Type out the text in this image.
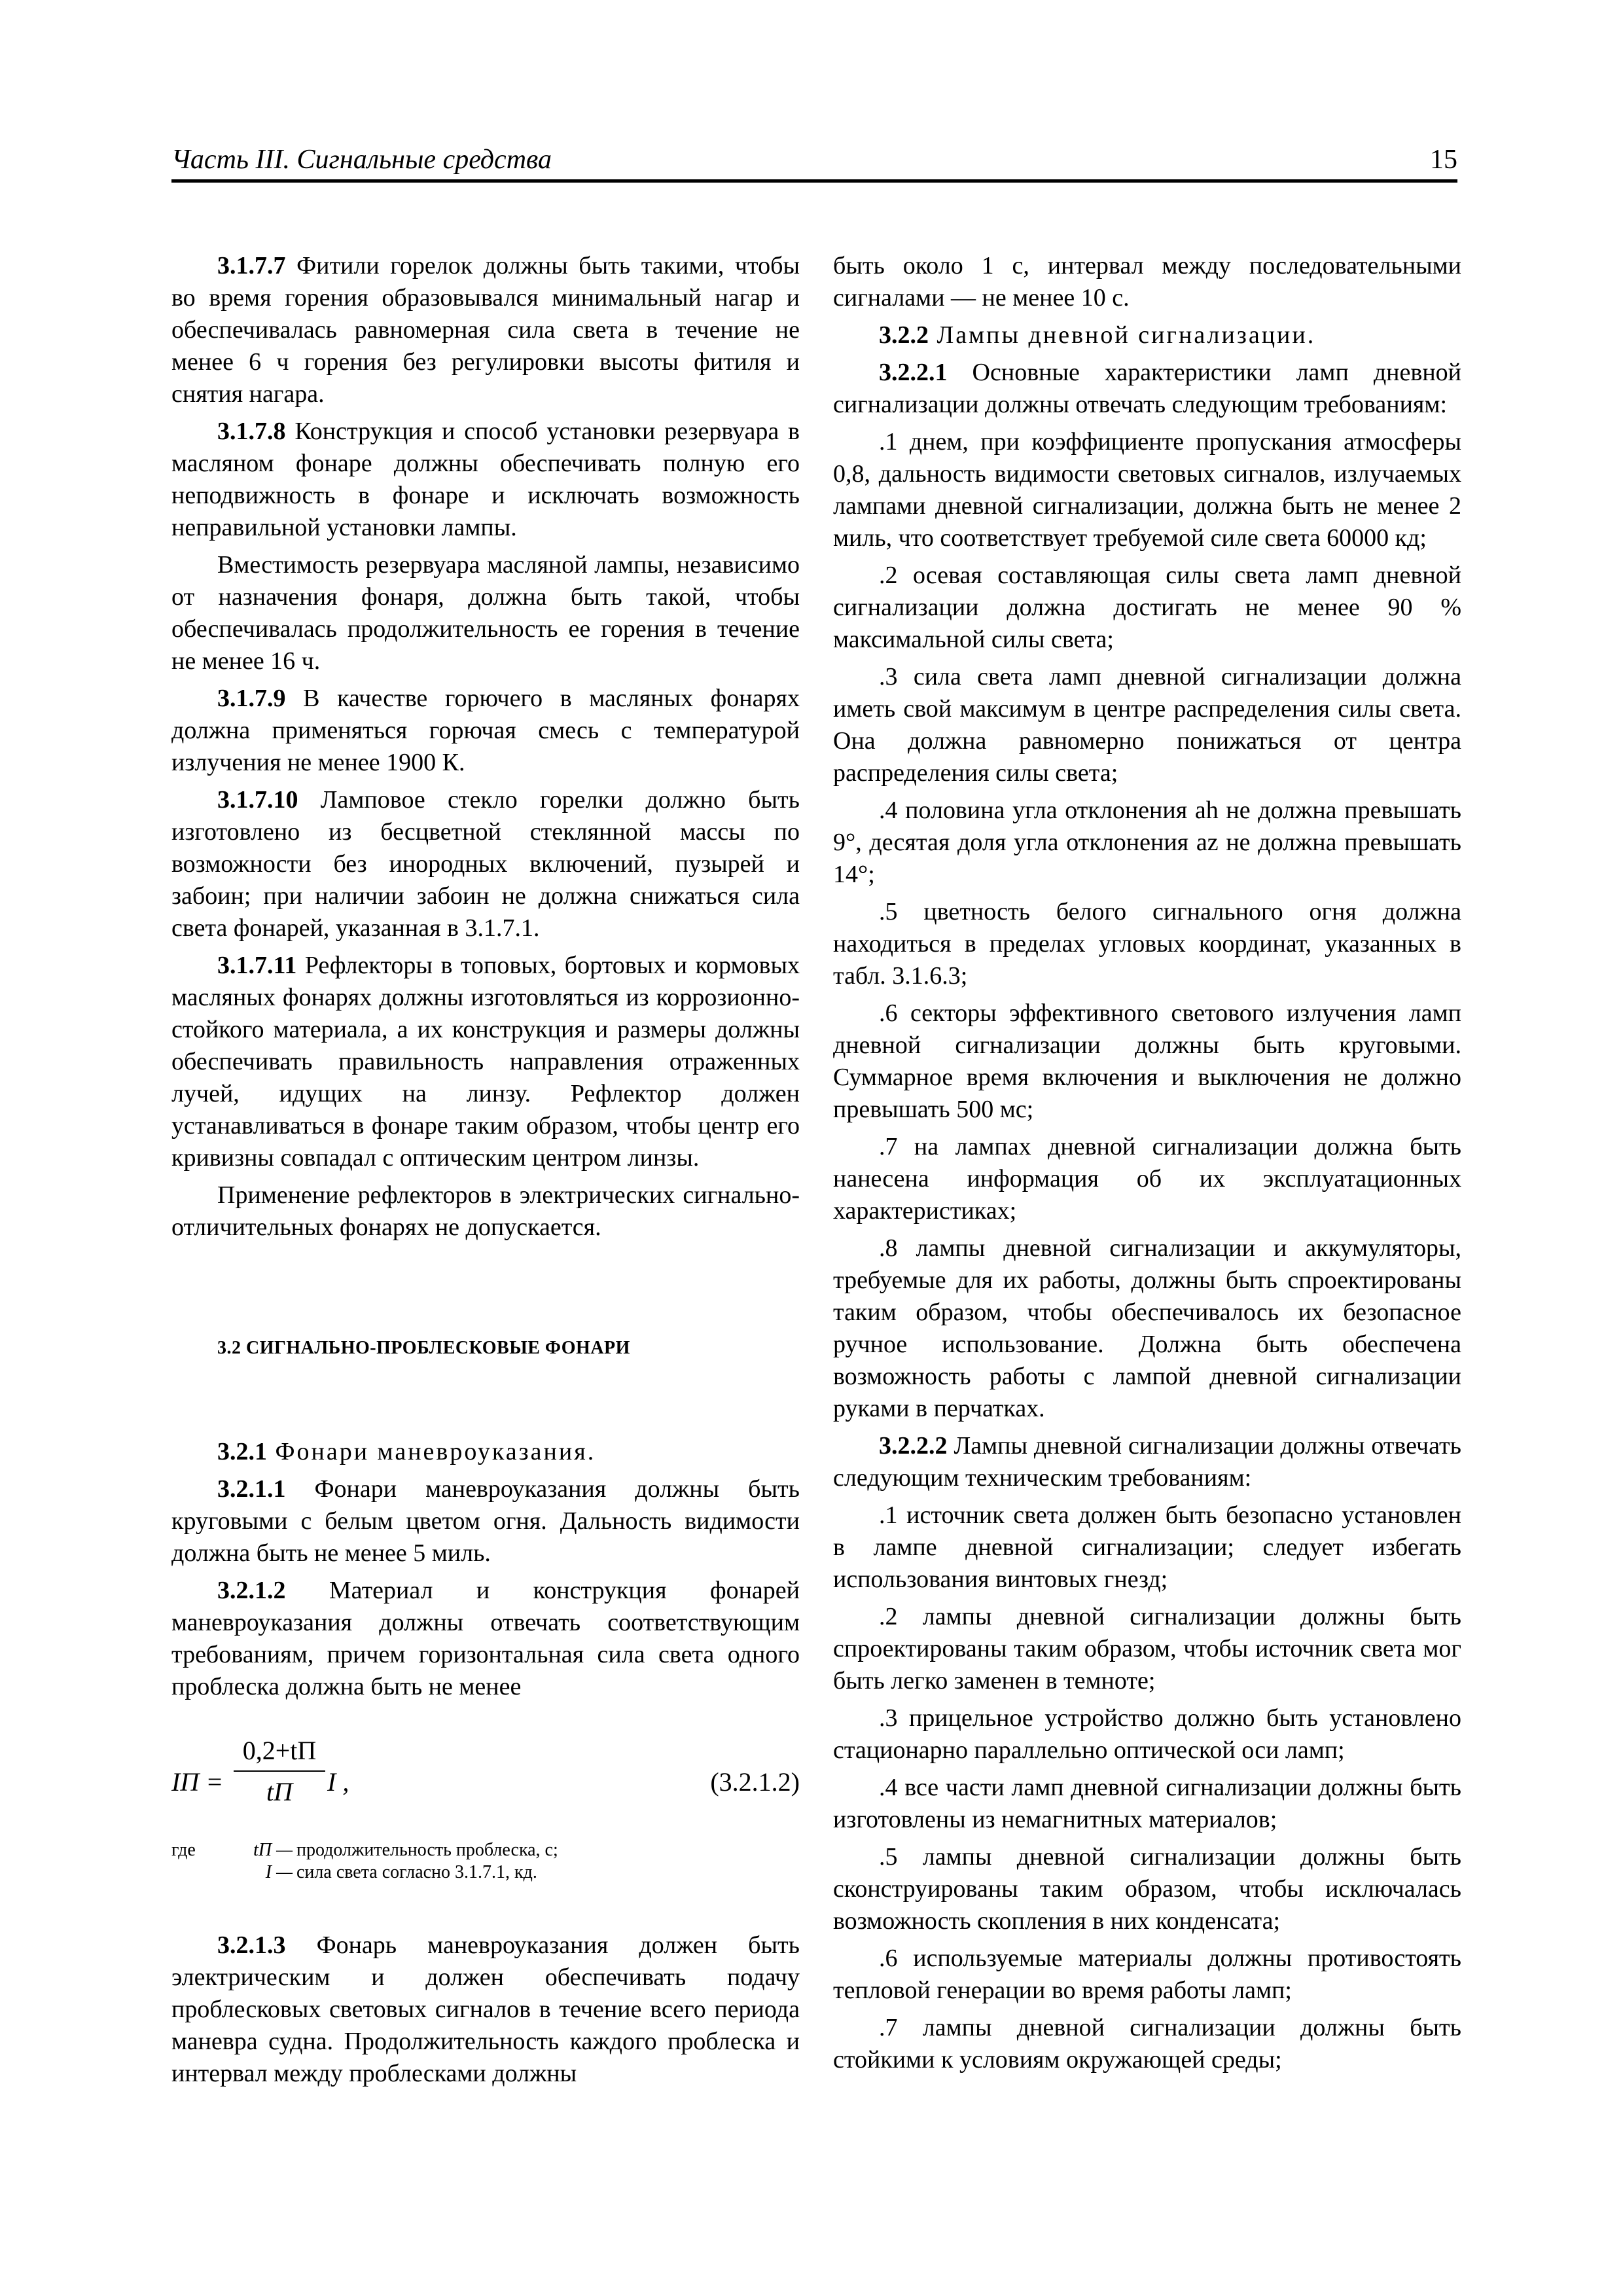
Часть III. Сигнальные средства	15

3.1.7.7 Фитили горелок должны быть такими, чтобы во время горения образовывался минимальный нагар и обеспечивалась равномерная сила света в течение не менее 6 ч горения без регулировки высоты фитиля и снятия нагара.

3.1.7.8 Конструкция и способ установки резервуара в масляном фонаре должны обеспечивать полную его неподвижность в фонаре и исключать возможность неправильной установки лампы.

Вместимость резервуара масляной лампы, независимо от назначения фонаря, должна быть такой, чтобы обеспечивалась продолжительность ее горения в течение не менее 16 ч.

3.1.7.9 В качестве горючего в масляных фонарях должна применяться горючая смесь с температурой излучения не менее 1900 К.

3.1.7.10 Ламповое стекло горелки должно быть изготовлено из бесцветной стеклянной массы по возможности без инородных включений, пузырей и забоин; при наличии забоин не должна снижаться сила света фонарей, указанная в 3.1.7.1.

3.1.7.11 Рефлекторы в топовых, бортовых и кормовых масляных фонарях должны изготовляться из коррозионно-стойкого материала, а их конструкция и размеры должны обеспечивать правильность направления отраженных лучей, идущих на линзу. Рефлектор должен устанавливаться в фонаре таким образом, чтобы центр его кривизны совпадал с оптическим центром линзы.

Применение рефлекторов в электрических сигнально-отличительных фонарях не допускается.

3.2 СИГНАЛЬНО-ПРОБЛЕСКОВЫЕ ФОНАРИ

3.2.1 Фонари маневроуказания.

3.2.1.1 Фонари маневроуказания должны быть круговыми с белым цветом огня. Дальность видимости должна быть не менее 5 миль.

3.2.1.2 Материал и конструкция фонарей маневроуказания должны отвечать соответствующим требованиям, причем горизонтальная сила света одного проблеска должна быть не менее

IП =
0,2+tП
tП	I ,	(3.2.1.2)
где	tП — продолжительность проблеска, с;
I — сила света согласно 3.1.7.1, кд.

3.2.1.3 Фонарь маневроуказания должен быть электрическим и должен обеспечивать подачу проблесковых световых сигналов в течение всего периода маневра судна. Продолжительность каждого проблеска и интервал между проблесками должны

быть около 1 с, интервал между последовательными сигналами — не менее 10 с.

3.2.2 Лампы дневной сигнализации.

3.2.2.1 Основные характеристики ламп дневной сигнализации должны отвечать следующим требованиям:

.1 днем, при коэффициенте пропускания атмосферы 0,8, дальность видимости световых сигналов, излучаемых лампами дневной сигнализации, должна быть не менее 2 миль, что соответствует требуемой силе света 60000 кд;

.2 осевая составляющая силы света ламп дневной сигнализации должна достигать не менее 90 % максимальной силы света;

.3 сила света ламп дневной сигнализации должна иметь свой максимум в центре распределения силы света. Она должна равномерно понижаться от центра распределения силы света;

.4 половина угла отклонения ah не должна превышать 9°, десятая доля угла отклонения az не должна превышать 14°;

.5 цветность белого сигнального огня должна находиться в пределах угловых координат, указанных в табл. 3.1.6.3;

.6 секторы эффективного светового излучения ламп дневной сигнализации должны быть круговыми. Суммарное время включения и выключения не должно превышать 500 мс;

.7 на лампах дневной сигнализации должна быть нанесена информация об их эксплуатационных характеристиках;

.8 лампы дневной сигнализации и аккумуляторы, требуемые для их работы, должны быть спроектированы таким образом, чтобы обеспечивалось их безопасное ручное использование. Должна быть обеспечена возможность работы с лампой дневной сигнализации руками в перчатках.

3.2.2.2 Лампы дневной сигнализации должны отвечать следующим техническим требованиям:

.1 источник света должен быть безопасно установлен в лампе дневной сигнализации; следует избегать использования винтовых гнезд;

.2 лампы дневной сигнализации должны быть спроектированы таким образом, чтобы источник света мог быть легко заменен в темноте;

.3 прицельное устройство должно быть установлено стационарно параллельно оптической оси ламп;

.4 все части ламп дневной сигнализации должны быть изготовлены из немагнитных материалов;

.5 лампы дневной сигнализации должны быть сконструированы таким образом, чтобы исключалась возможность скопления в них конденсата;

.6 используемые материалы должны противостоять тепловой генерации во время работы ламп;

.7 лампы дневной сигнализации должны быть стойкими к условиям окружающей среды;
